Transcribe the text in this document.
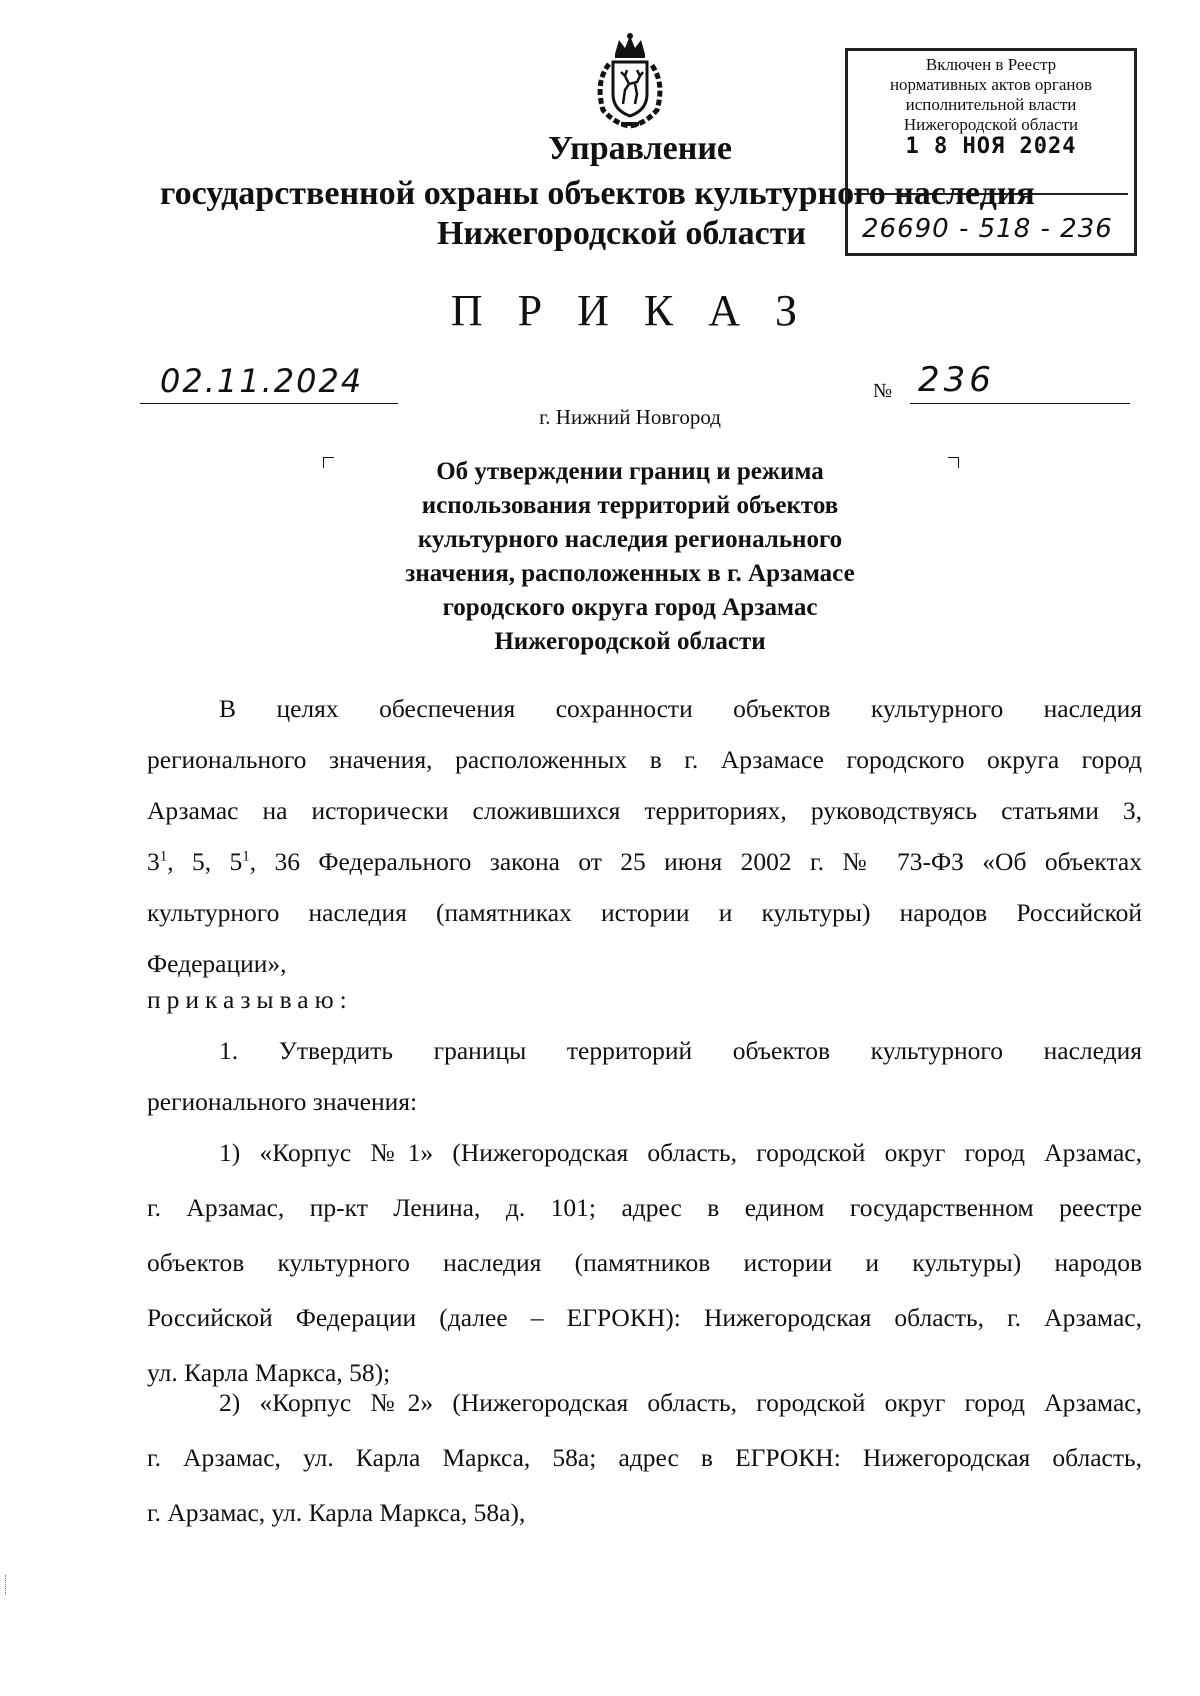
Включен в Реестр
нормативных актов органов
исполнительной власти
Нижегородской области
1 8 НОЯ 2024
26690 - 518 - 236
Управление
государственной охраны объектов культурного наследия
Нижегородской области
П Р И К А З
02.11.2024	№ 236
г. Нижний Новгород
Об утверждении границ и режима
использования территорий объектов
культурного наследия регионального
значения, расположенных в г. Арзамасе
городского округа город Арзамас
Нижегородской области
В целях обеспечения сохранности объектов культурного наследия
регионального значения, расположенных в г. Арзамасе городского округа город
Арзамас на исторически сложившихся территориях, руководствуясь статьями 3,
$3^1$, 5, $5^1$, 36 Федерального закона от 25 июня 2002 г. № 73-ФЗ «Об объектах
культурного наследия (памятниках истории и культуры) народов Российской
Федерации»,
приказываю:
1. Утвердить границы территорий объектов культурного наследия
регионального значения:
1) «Корпус №1» (Нижегородская область, городской округ город Арзамас,
г. Арзамас, пр-кт Ленина, д. 101; адрес в едином государственном реестре
объектов культурного наследия (памятников истории и культуры) народов
Российской Федерации (далее – ЕГРОКН): Нижегородская область, г. Арзамас,
ул. Карла Маркса, 58);
2) «Корпус №2» (Нижегородская область, городской округ город Арзамас,
г. Арзамас, ул. Карла Маркса, 58а; адрес в ЕГРОКН: Нижегородская область,
г. Арзамас, ул. Карла Маркса, 58а),
